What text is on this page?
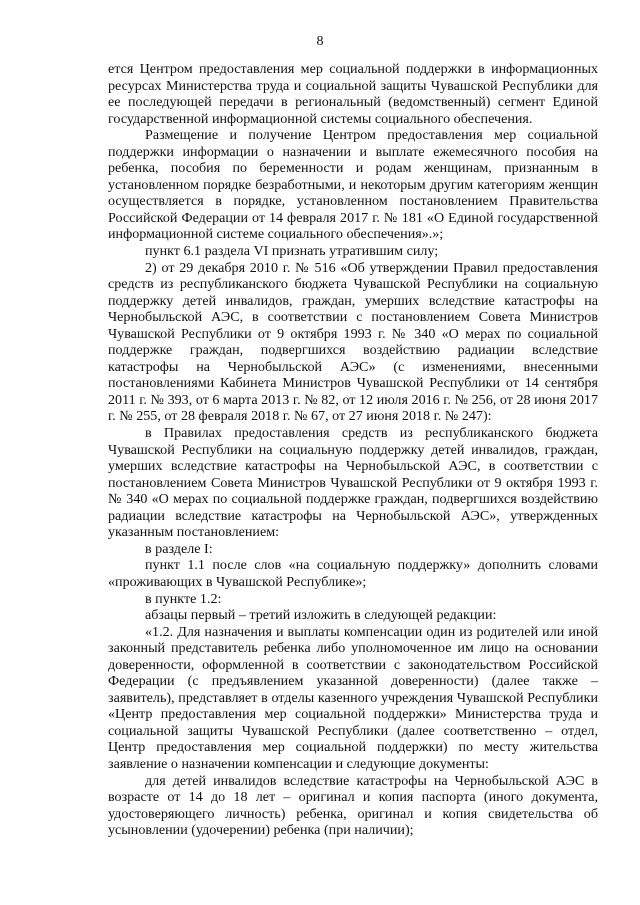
8

ется Центром предоставления мер социальной поддержки в информационных ресурсах Министерства труда и социальной защиты Чувашской Республики для ее последующей передачи в региональный (ведомственный) сегмент Единой государственной информационной системы социального обеспечения.

Размещение и получение Центром предоставления мер социальной поддержки информации о назначении и выплате ежемесячного пособия на ребенка, пособия по беременности и родам женщинам, признанным в установленном порядке безработными, и некоторым другим категориям женщин осуществляется в порядке, установленном постановлением Правительства Российской Федерации от 14 февраля 2017 г. № 181 «О Единой государственной информационной системе социального обеспечения».»;

пункт 6.1 раздела VI признать утратившим силу;

2) от 29 декабря 2010 г. № 516 «Об утверждении Правил предоставления средств из республиканского бюджета Чувашской Республики на социальную поддержку детей инвалидов, граждан, умерших вследствие катастрофы на Чернобыльской АЭС, в соответствии с постановлением Совета Министров Чувашской Республики от 9 октября 1993 г. № 340 «О мерах по социальной поддержке граждан, подвергшихся воздействию радиации вследствие катастрофы на Чернобыльской АЭС» (с изменениями, внесенными постановлениями Кабинета Министров Чувашской Республики от 14 сентября 2011 г. № 393, от 6 марта 2013 г. № 82, от 12 июля 2016 г. № 256, от 28 июня 2017 г. № 255, от 28 февраля 2018 г. № 67, от 27 июня 2018 г. № 247):

в Правилах предоставления средств из республиканского бюджета Чувашской Республики на социальную поддержку детей инвалидов, граждан, умерших вследствие катастрофы на Чернобыльской АЭС, в соответствии с постановлением Совета Министров Чувашской Республики от 9 октября 1993 г. № 340 «О мерах по социальной поддержке граждан, подвергшихся воздействию радиации вследствие катастрофы на Чернобыльской АЭС», утвержденных указанным постановлением:

в разделе I:

пункт 1.1 после слов «на социальную поддержку» дополнить словами «проживающих в Чувашской Республике»;

в пункте 1.2:

абзацы первый – третий изложить в следующей редакции:

«1.2. Для назначения и выплаты компенсации один из родителей или иной законный представитель ребенка либо уполномоченное им лицо на основании доверенности, оформленной в соответствии с законодательством Российской Федерации (с предъявлением указанной доверенности) (далее также – заявитель), представляет в отделы казенного учреждения Чувашской Республики «Центр предоставления мер социальной поддержки» Министерства труда и социальной защиты Чувашской Республики (далее соответственно – отдел, Центр предоставления мер социальной поддержки) по месту жительства заявление о назначении компенсации и следующие документы:

для детей инвалидов вследствие катастрофы на Чернобыльской АЭС в возрасте от 14 до 18 лет – оригинал и копия паспорта (иного документа, удостоверяющего личность) ребенка, оригинал и копия свидетельства об усыновлении (удочерении) ребенка (при наличии);
